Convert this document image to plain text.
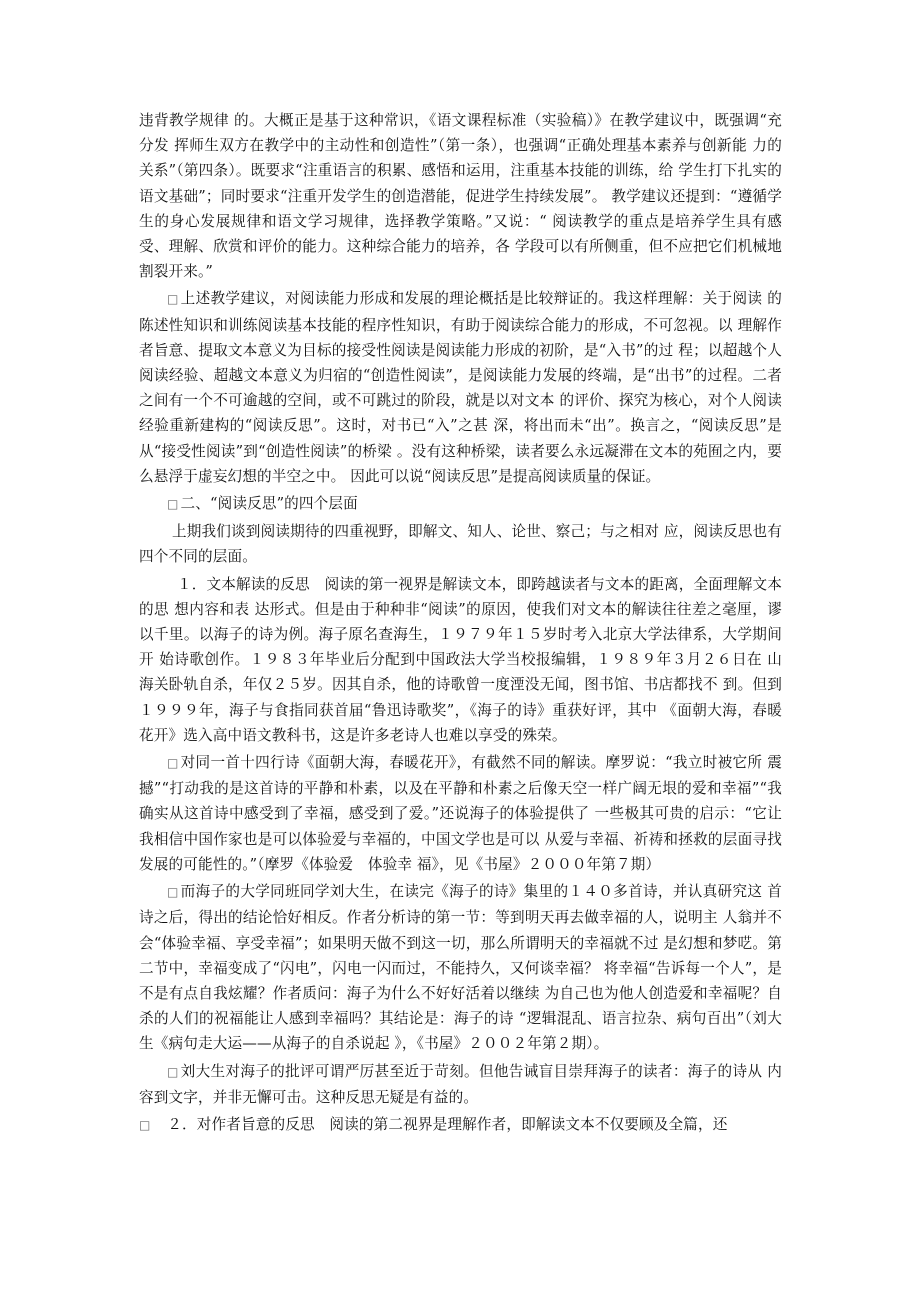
违背教学规律 的。大概正是基于这种常识，《语文课程标准（实验稿）》在教学建议中，既强调“充分发 挥师生双方在教学中的主动性和创造性”（第一条），也强调“正确处理基本素养与创新能 力的关系”（第四条）。既要求“注重语言的积累、感悟和运用，注重基本技能的训练，给 学生打下扎实的语文基础”；同时要求“注重开发学生的创造潜能，促进学生持续发展”。 教学建议还提到：“遵循学生的身心发展规律和语文学习规律，选择教学策略。”又说：“ 阅读教学的重点是培养学生具有感受、理解、欣赏和评价的能力。这种综合能力的培养，各 学段可以有所侧重，但不应把它们机械地割裂开来。”

□ 上述教学建议，对阅读能力形成和发展的理论概括是比较辩证的。我这样理解：关于阅读 的 陈述性知识和训练阅读基本技能的程序性知识，有助于阅读综合能力的形成，不可忽视。以 理解作者旨意、提取文本意义为目标的接受性阅读是阅读能力形成的初阶，是“入书”的过 程；以超越个人阅读经验、超越文本意义为归宿的“创造性阅读”，是阅读能力发展的终端，是“出书”的过程。二者之间有一个不可逾越的空间，或不可跳过的阶段，就是以对文本 的评价、探究为核心，对个人阅读经验重新建构的“阅读反思”。这时，对书已“入”之甚 深，将出而未“出”。换言之，“阅读反思”是从“接受性阅读”到“创造性阅读”的桥梁 。没有这种桥梁，读者要么永远凝滞在文本的苑囿之内，要么悬浮于虚妄幻想的半空之中。 因此可以说“阅读反思”是提高阅读质量的保证。

□ 二、“阅读反思”的四个层面

上期我们谈到阅读期待的四重视野，即解文、知人、论世、察己；与之相对 应，阅读反思也有四个不同的层面。

１．文本解读的反思　阅读的第一视界是解读文本，即跨越读者与文本的距离，全面理解文本的思 想内容和表 达形式。但是由于种种非“阅读”的原因，使我们对文本的解读往往差之毫厘，谬以千里。以海子的诗为例。海子原名查海生，１９７９年１５岁时考入北京大学法律系，大学期间开 始诗歌创作。１９８３年毕业后分配到中国政法大学当校报编辑，１９８９年３月２６日在 山海关卧轨自杀，年仅２５岁。因其自杀，他的诗歌曾一度湮没无闻，图书馆、书店都找不 到。但到１９９９年，海子与食指同获首届“鲁迅诗歌奖”，《海子的诗》重获好评，其中 《面朝大海，春暖花开》选入高中语文教科书，这是许多老诗人也难以享受的殊荣。

□ 对同一首十四行诗《面朝大海，春暖花开》，有截然不同的解读。摩罗说：“我立时被它所 震撼”“打动我的是这首诗的平静和朴素，以及在平静和朴素之后像天空一样广阔无垠的爱和幸福”“我确实从这首诗中感受到了幸福，感受到了爱。”还说海子的体验提供了 一些极其可贵的启示：“它让我相信中国作家也是可以体验爱与幸福的，中国文学也是可以 从爱与幸福、祈祷和拯救的层面寻找发展的可能性的。”（摩罗《体验爱　体验幸 福》，见《书屋》２０００年第７期）

□ 而海子的大学同班同学刘大生，在读完《海子的诗》集里的１４０多首诗，并认真研究这 首诗之后，得出的结论恰好相反。作者分析诗的第一节：等到明天再去做幸福的人，说明主 人翁并不会“体验幸福、享受幸福”；如果明天做不到这一切，那么所谓明天的幸福就不过 是幻想和梦呓。第二节中，幸福变成了“闪电”，闪电一闪而过，不能持久，又何谈幸福？ 将幸福“告诉每一个人”，是不是有点自我炫耀？作者质问：海子为什么不好好活着以继续 为自己也为他人创造爱和幸福呢？自杀的人们的祝福能让人感到幸福吗？其结论是：海子的诗 “逻辑混乱、语言拉杂、病句百出”（刘大生《病句走大运——从海子的自杀说起 》，《书屋》２００２年第２期）。

□ 刘大生对海子的批评可谓严厉甚至近于苛刻。但他告诫盲目崇拜海子的读者：海子的诗从 内容到文字，并非无懈可击。这种反思无疑是有益的。

□  ２．对作者旨意的反思　阅读的第二视界是理解作者，即解读文本不仅要顾及全篇，还
